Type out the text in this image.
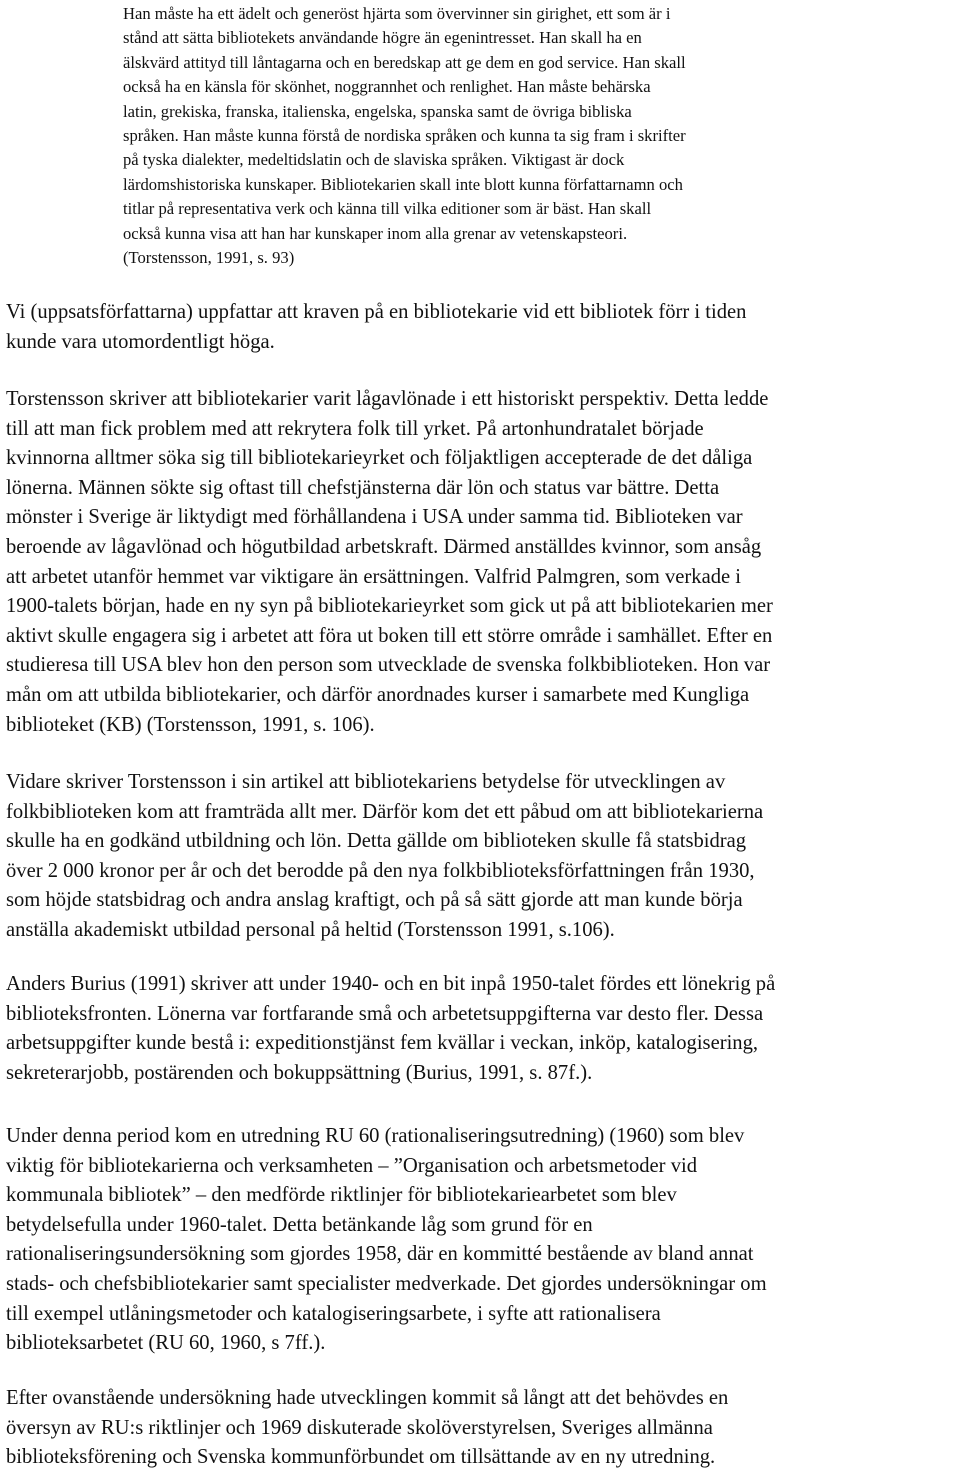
Han måste ha ett ädelt och generöst hjärta som övervinner sin girighet, ett som är i
stånd att sätta bibliotekets användande högre än egenintresset. Han skall ha en
älskvärd attityd till låntagarna och en beredskap att ge dem en god service. Han skall
också ha en känsla för skönhet, noggrannhet och renlighet. Han måste behärska
latin, grekiska, franska, italienska, engelska, spanska samt de övriga bibliska
språken. Han måste kunna förstå de nordiska språken och kunna ta sig fram i skrifter
på tyska dialekter, medeltidslatin och de slaviska språken. Viktigast är dock
lärdomshistoriska kunskaper. Bibliotekarien skall inte blott kunna författarnamn och
titlar på representativa verk och känna till vilka editioner som är bäst. Han skall
också kunna visa att han har kunskaper inom alla grenar av vetenskapsteori.
(Torstensson, 1991, s. 93)
Vi (uppsatsförfattarna) uppfattar att kraven på en bibliotekarie vid ett bibliotek förr i tiden
kunde vara utomordentligt höga.
Torstensson skriver att bibliotekarier varit lågavlönade i ett historiskt perspektiv. Detta ledde
till att man fick problem med att rekrytera folk till yrket. På artonhundratalet började
kvinnorna alltmer söka sig till bibliotekarieyrket och följaktligen accepterade de det dåliga
lönerna. Männen sökte sig oftast till chefstjänsterna där lön och status var bättre. Detta
mönster i Sverige är liktydigt med förhållandena i USA under samma tid. Biblioteken var
beroende av lågavlönad och högutbildad arbetskraft. Därmed anställdes kvinnor, som ansåg
att arbetet utanför hemmet var viktigare än ersättningen. Valfrid Palmgren, som verkade i
1900-talets början, hade en ny syn på bibliotekarieyrket som gick ut på att bibliotekarien mer
aktivt skulle engagera sig i arbetet att föra ut boken till ett större område i samhället. Efter en
studieresa till USA blev hon den person som utvecklade de svenska folkbiblioteken. Hon var
mån om att utbilda bibliotekarier, och därför anordnades kurser i samarbete med Kungliga
biblioteket (KB) (Torstensson, 1991, s. 106).
Vidare skriver Torstensson i sin artikel att bibliotekariens betydelse för utvecklingen av
folkbiblioteken kom att framträda allt mer. Därför kom det ett påbud om att bibliotekarierna
skulle ha en godkänd utbildning och lön. Detta gällde om biblioteken skulle få statsbidrag
över 2 000 kronor per år och det berodde på den nya folkbiblioteksförfattningen från 1930,
som höjde statsbidrag och andra anslag kraftigt, och på så sätt gjorde att man kunde börja
anställa akademiskt utbildad personal på heltid (Torstensson 1991, s.106).
Anders Burius (1991) skriver att under 1940- och en bit inpå 1950-talet fördes ett lönekrig på
biblioteksfronten. Lönerna var fortfarande små och arbetetsuppgifterna var desto fler. Dessa
arbetsuppgifter kunde bestå i: expeditionstjänst fem kvällar i veckan, inköp, katalogisering,
sekreterarjobb, postärenden och bokuppsättning (Burius, 1991, s. 87f.).
Under denna period kom en utredning RU 60 (rationaliseringsutredning) (1960) som blev
viktig för bibliotekarierna och verksamheten – ”Organisation och arbetsmetoder vid
kommunala bibliotek” – den medförde riktlinjer för bibliotekariearbetet som blev
betydelsefulla under 1960-talet. Detta betänkande låg som grund för en
rationaliseringsundersökning som gjordes 1958, där en kommitté bestående av bland annat
stads- och chefsbibliotekarier samt specialister medverkade. Det gjordes undersökningar om
till exempel utlåningsmetoder och katalogiseringsarbete, i syfte att rationalisera
biblioteksarbetet (RU 60, 1960, s 7ff.).
Efter ovanstående undersökning hade utvecklingen kommit så långt att det behövdes en
översyn av RU:s riktlinjer och 1969 diskuterade skolöverstyrelsen, Sveriges allmänna
biblioteksförening och Svenska kommunförbundet om tillsättande av en ny utredning.
